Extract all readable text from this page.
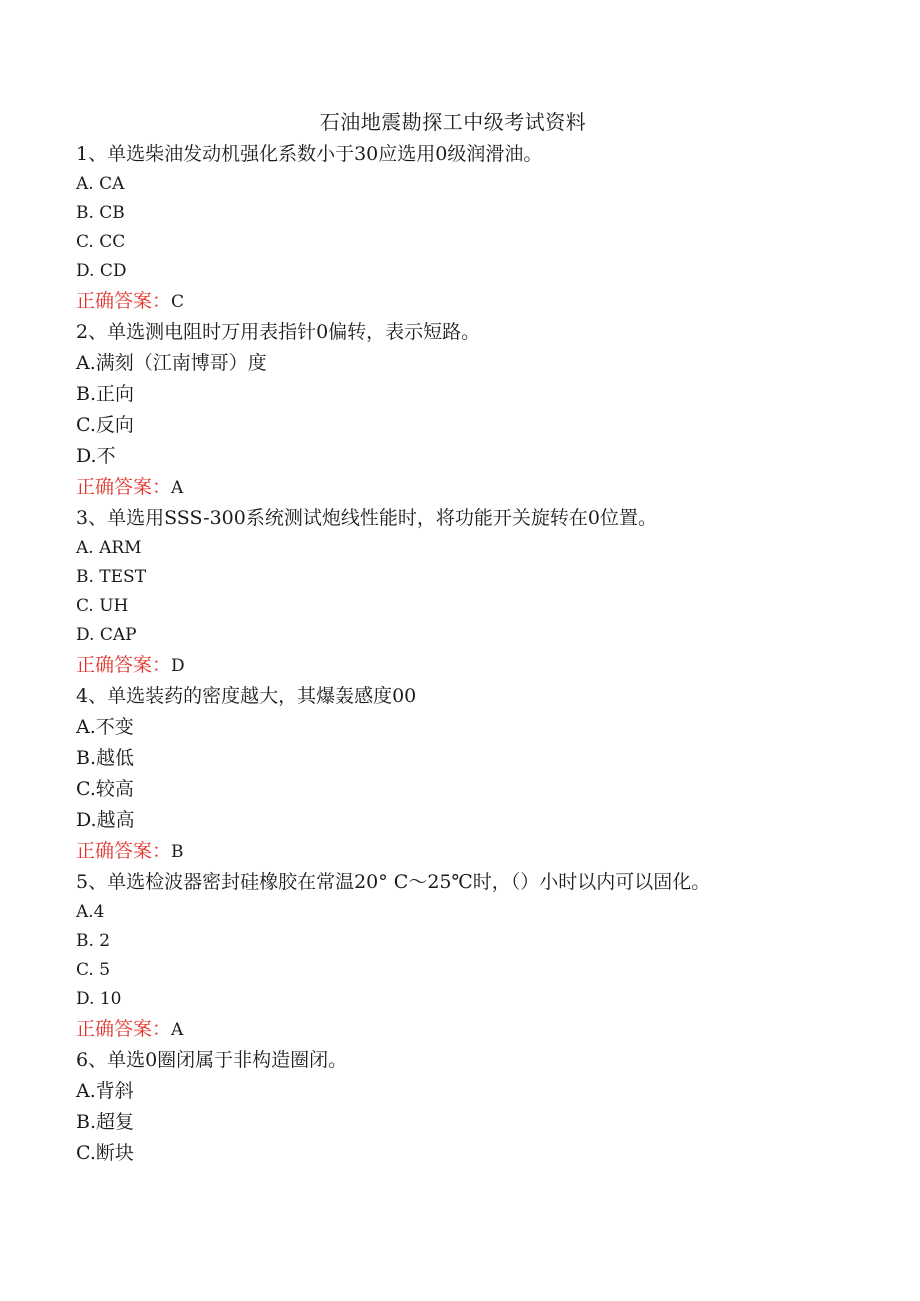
石油地震勘探工中级考试资料
1、单选柴油发动机强化系数小于30应选用0级润滑油。
A. CA
B. CB
C. CC
D. CD
正确答案：C
2、单选测电阻时万用表指针0偏转，表示短路。
A.满刻（江南博哥）度
B.正向
C.反向
D.不
正确答案：A
3、单选用SSS-300系统测试炮线性能时，将功能开关旋转在0位置。
A. ARM
B. TEST
C. UH
D. CAP
正确答案：D
4、单选装药的密度越大，其爆轰感度00
A.不变
B.越低
C.较高
D.越高
正确答案：B
5、单选检波器密封硅橡胶在常温20° C～25℃时，（）小时以内可以固化。
A.4
B. 2
C. 5
D. 10
正确答案：A
6、单选0圈闭属于非构造圈闭。
A.背斜
B.超复
C.断块
